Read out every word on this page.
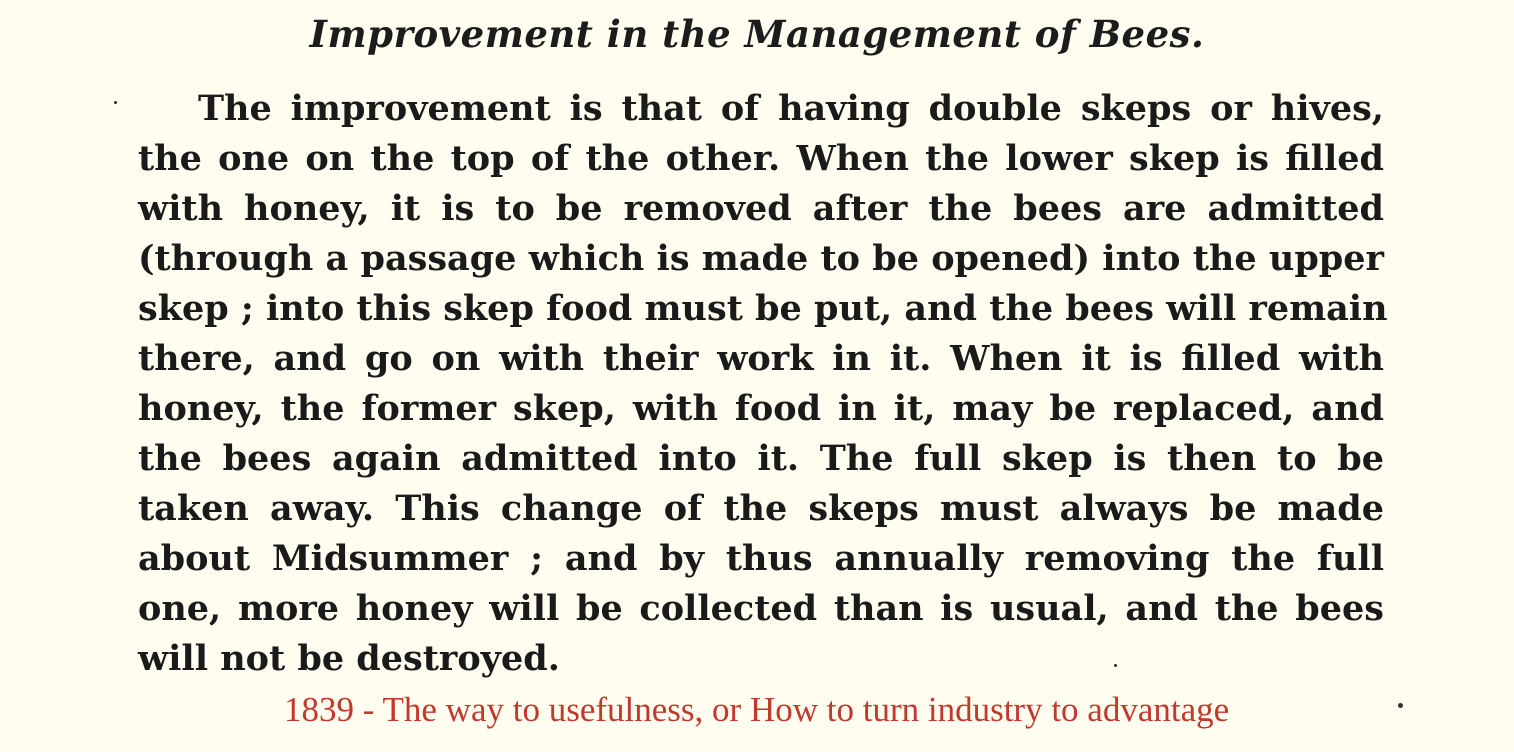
Improvement in the Management of Bees.
The improvement is that of having double skeps or hives,
the one on the top of the other. When the lower skep is filled
with honey, it is to be removed after the bees are admitted
(through a passage which is made to be opened) into the upper
skep ; into this skep food must be put, and the bees will remain
there, and go on with their work in it. When it is filled with
honey, the former skep, with food in it, may be replaced, and
the bees again admitted into it. The full skep is then to be
taken away. This change of the skeps must always be made
about Midsummer ; and by thus annually removing the full
one, more honey will be collected than is usual, and the bees
will not be destroyed.
1839 - The way to usefulness, or How to turn industry to advantage
